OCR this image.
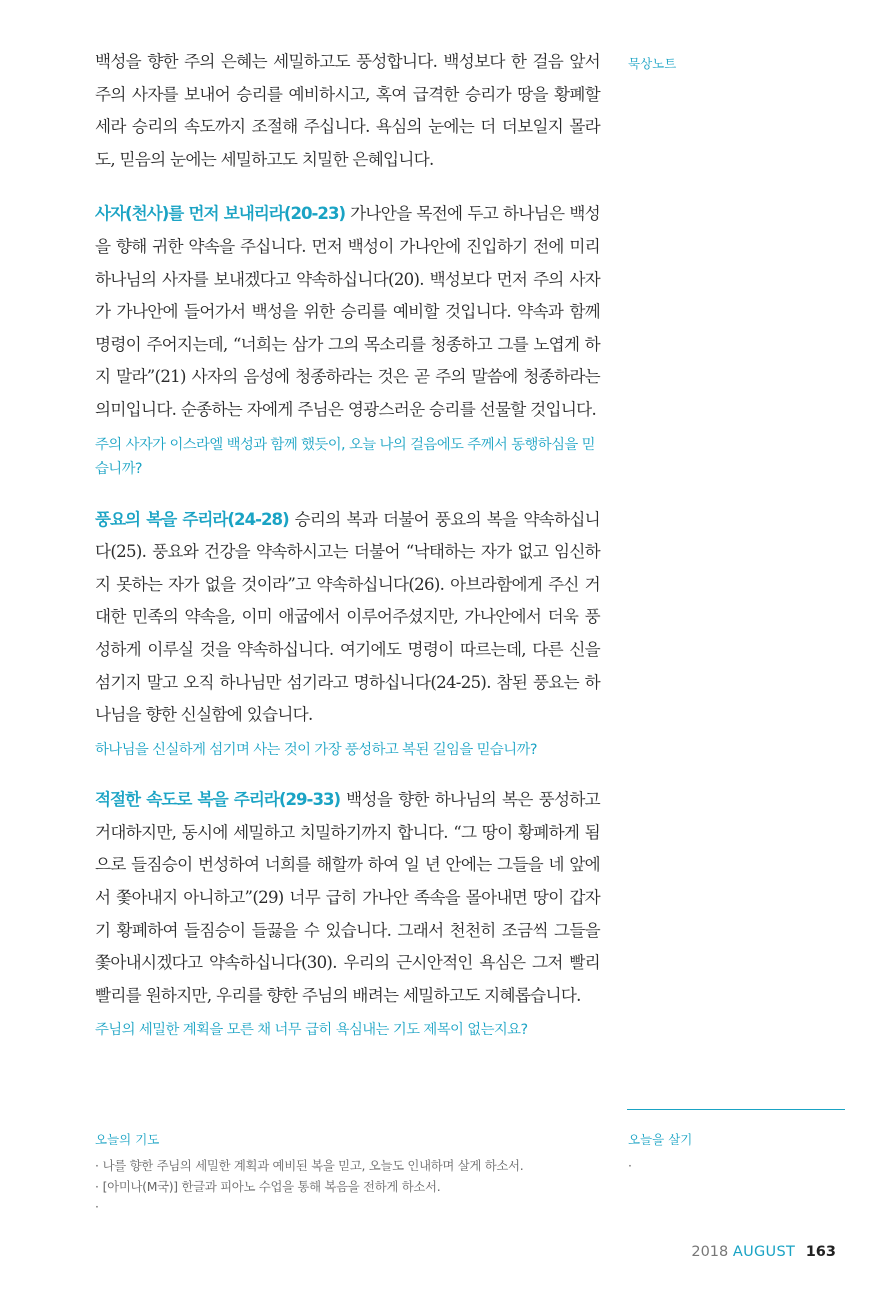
백성을 향한 주의 은혜는 세밀하고도 풍성합니다. 백성보다 한 걸음 앞서 주의 사자를 보내어 승리를 예비하시고, 혹여 급격한 승리가 땅을 황폐할세라 승리의 속도까지 조절해 주십니다. 욕심의 눈에는 더 더보일지 몰라도, 믿음의 눈에는 세밀하고도 치밀한 은혜입니다.

사자(천사)를 먼저 보내리라(20-23) 가나안을 목전에 두고 하나님은 백성을 향해 귀한 약속을 주십니다. 먼저 백성이 가나안에 진입하기 전에 미리 하나님의 사자를 보내겠다고 약속하십니다(20). 백성보다 먼저 주의 사자가 가나안에 들어가서 백성을 위한 승리를 예비할 것입니다. 약속과 함께 명령이 주어지는데, “너희는 삼가 그의 목소리를 청종하고 그를 노엽게 하지 말라”(21) 사자의 음성에 청종하라는 것은 곧 주의 말씀에 청종하라는 의미입니다. 순종하는 자에게 주님은 영광스러운 승리를 선물할 것입니다.

주의 사자가 이스라엘 백성과 함께 했듯이, 오늘 나의 걸음에도 주께서 동행하심을 믿습니까?

풍요의 복을 주리라(24-28) 승리의 복과 더불어 풍요의 복을 약속하십니다(25). 풍요와 건강을 약속하시고는 더불어 “낙태하는 자가 없고 임신하지 못하는 자가 없을 것이라”고 약속하십니다(26). 아브라함에게 주신 거대한 민족의 약속을, 이미 애굽에서 이루어주셨지만, 가나안에서 더욱 풍성하게 이루실 것을 약속하십니다. 여기에도 명령이 따르는데, 다른 신을 섬기지 말고 오직 하나님만 섬기라고 명하십니다(24-25). 참된 풍요는 하나님을 향한 신실함에 있습니다.

하나님을 신실하게 섬기며 사는 것이 가장 풍성하고 복된 길임을 믿습니까?

적절한 속도로 복을 주리라(29-33) 백성을 향한 하나님의 복은 풍성하고 거대하지만, 동시에 세밀하고 치밀하기까지 합니다. “그 땅이 황폐하게 됨으로 들짐승이 번성하여 너희를 해할까 하여 일 년 안에는 그들을 네 앞에서 쫓아내지 아니하고”(29) 너무 급히 가나안 족속을 몰아내면 땅이 갑자기 황폐하여 들짐승이 들끓을 수 있습니다. 그래서 천천히 조금씩 그들을 쫓아내시겠다고 약속하십니다(30). 우리의 근시안적인 욕심은 그저 빨리 빨리를 원하지만, 우리를 향한 주님의 배려는 세밀하고도 지혜롭습니다.

주님의 세밀한 계획을 모른 채 너무 급히 욕심내는 기도 제목이 없는지요?

묵상노트

오늘의 기도

· 나를 향한 주님의 세밀한 계획과 예비된 복을 믿고, 오늘도 인내하며 살게 하소서.

· [아미나(M국)] 한글과 피아노 수업을 통해 복음을 전하게 하소서.

·

오늘을 살기

·

2018 AUGUST 163
